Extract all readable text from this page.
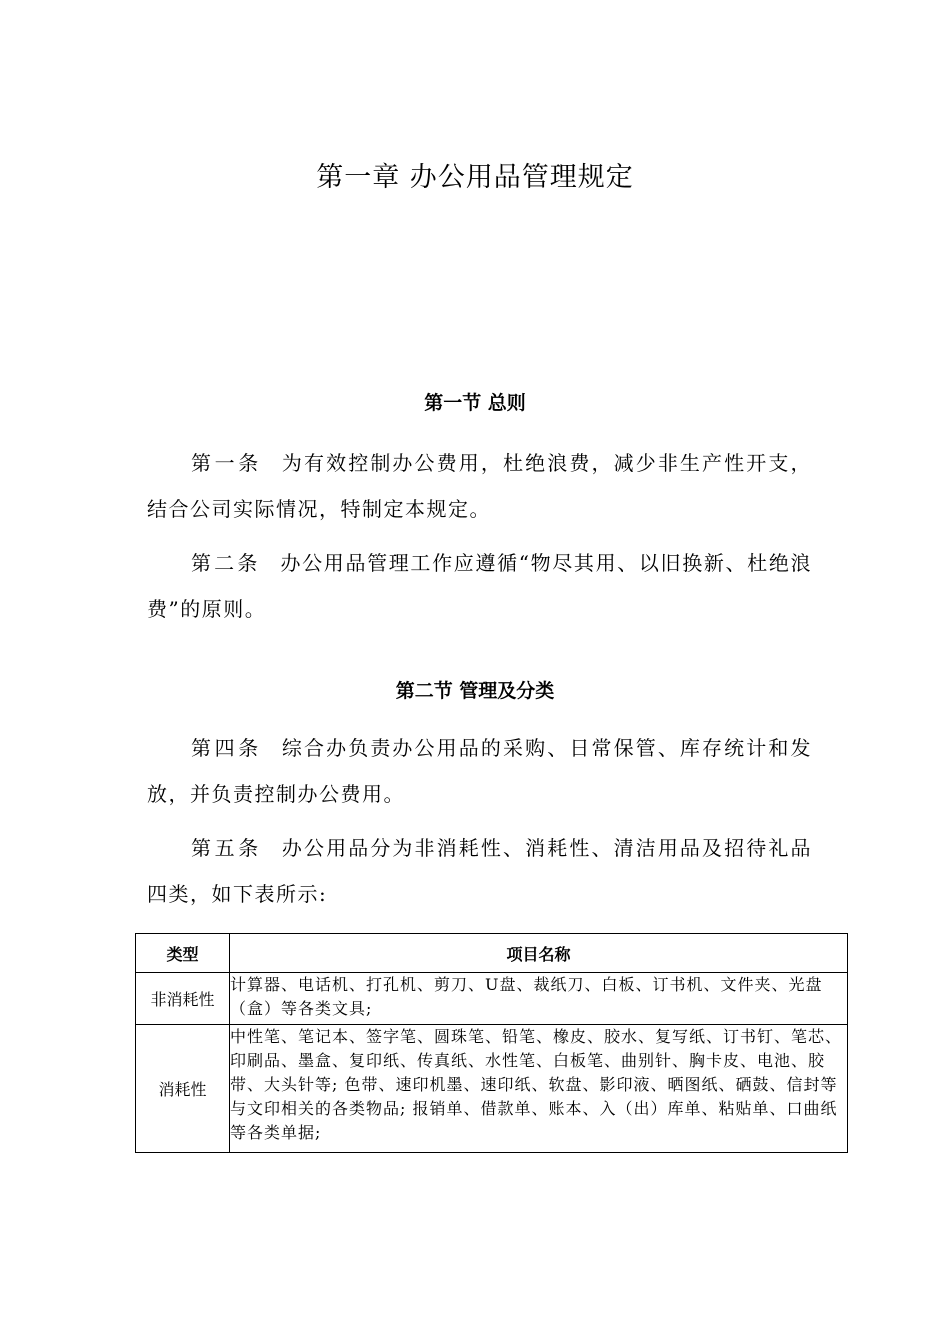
第一章 办公用品管理规定
第一节 总则

第一条 为有效控制办公费用，杜绝浪费，减少非生产性开支，结合公司实际情况，特制定本规定。

第二条 办公用品管理工作应遵循“物尽其用、以旧换新、杜绝浪费”的原则。

第二节 管理及分类

第四条 综合办负责办公用品的采购、日常保管、库存统计和发放，并负责控制办公费用。

第五条 办公用品分为非消耗性、消耗性、清洁用品及招待礼品四类，如下表所示:

类型	项目名称
非消耗性	计算器、电话机、打孔机、剪刀、U盘、裁纸刀、白板、订书机、文件夹、光盘（盒）等各类文具;
消耗性	中性笔、笔记本、签字笔、圆珠笔、铅笔、橡皮、胶水、复写纸、订书钉、笔芯、印刷品、墨盒、复印纸、传真纸、水性笔、白板笔、曲别针、胸卡皮、电池、胶带、大头针等; 色带、速印机墨、速印纸、软盘、影印液、晒图纸、硒鼓、信封等与文印相关的各类物品; 报销单、借款单、账本、入（出）库单、粘贴单、口曲纸等各类单据;
